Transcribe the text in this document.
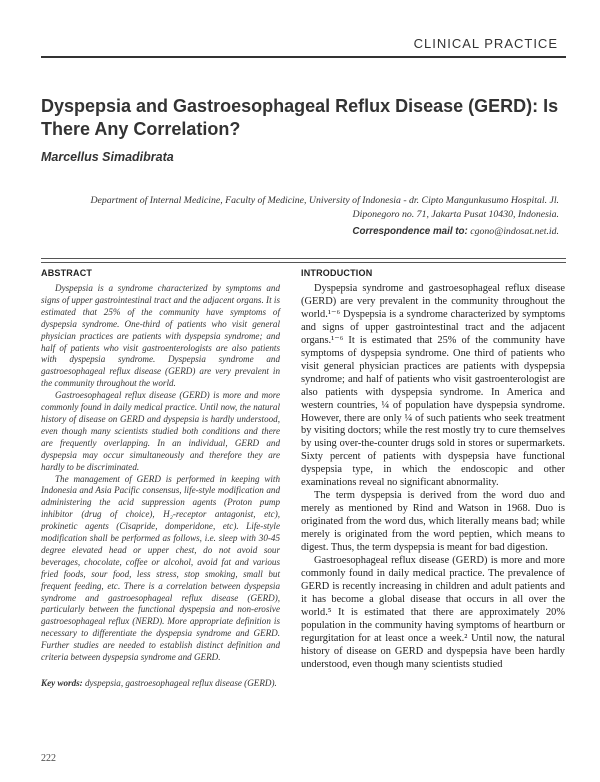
CLINICAL PRACTICE
Dyspepsia and Gastroesophageal Reflux Disease (GERD): Is There Any Correlation?
Marcellus Simadibrata
Department of Internal Medicine, Faculty of Medicine, University of Indonesia - dr. Cipto Mangunkusumo Hospital. Jl. Diponegoro no. 71, Jakarta Pusat 10430, Indonesia.
Correspondence mail to: cgono@indosat.net.id.
ABSTRACT

Dyspepsia is a syndrome characterized by symptoms and signs of upper gastrointestinal tract and the adjacent organs. It is estimated that 25% of the community have symptoms of dyspepsia syndrome. One-third of patients who visit general physician practices are patients with dyspepsia syndrome; and half of patients who visit gastroenterologists are also patients with dyspepsia syndrome. Dyspepsia syndrome and gastroesophageal reflux disease (GERD) are very prevalent in the community throughout the world.

Gastroesophageal reflux disease (GERD) is more and more commonly found in daily medical practice. Until now, the natural history of disease on GERD and dyspepsia is hardly understood, even though many scientists studied both conditions and there are frequently overlapping. In an individual, GERD and dyspepsia may occur simultaneously and therefore they are hardly to be discriminated.

The management of GERD is performed in keeping with Indonesia and Asia Pacific consensus, life-style modification and administering the acid suppression agents (Proton pump inhibitor (drug of choice), H₂-receptor antagonist, etc), prokinetic agents (Cisapride, domperidone, etc). Life-style modification shall be performed as follows, i.e. sleep with 30-45 degree elevated head or upper chest, do not avoid sour beverages, chocolate, coffee or alcohol, avoid fat and various fried foods, sour food, less stress, stop smoking, small but frequent feeding, etc. There is a correlation between dyspepsia syndrome and gastroesophageal reflux disease (GERD), particularly between the functional dyspepsia and non-erosive gastroesophageal reflux (NERD). More appropriate definition is necessary to differentiate the dyspepsia syndrome and GERD. Further studies are needed to establish distinct definition and criteria between dyspepsia syndrome and GERD.

Key words: dyspepsia, gastroesophageal reflux disease (GERD).
INTRODUCTION

Dyspepsia syndrome and gastroesophageal reflux disease (GERD) are very prevalent in the community throughout the world.¹⁻⁶ Dyspepsia is a syndrome characterized by symptoms and signs of upper gastrointestinal tract and the adjacent organs.¹⁻⁶ It is estimated that 25% of the community have symptoms of dyspepsia syndrome. One third of patients who visit general physician practices are patients with dyspepsia syndrome; and half of patients who visit gastroenterologist are also patients with dyspepsia syndrome. In America and western countries, ¼ of population have dyspepsia syndrome. However, there are only ¼ of such patients who seek treatment by visiting doctors; while the rest mostly try to cure themselves by using over-the-counter drugs sold in stores or supermarkets. Sixty percent of patients with dyspepsia have functional dyspepsia type, in which the endoscopic and other examinations reveal no significant abnormality.

The term dyspepsia is derived from the word duo and merely as mentioned by Rind and Watson in 1968. Duo is originated from the word dus, which literally means bad; while merely is originated from the word peptien, which means to digest. Thus, the term dyspepsia is meant for bad digestion.

Gastroesophageal reflux disease (GERD) is more and more commonly found in daily medical practice. The prevalence of GERD is recently increasing in children and adult patients and it has become a global disease that occurs in all over the world.⁵ It is estimated that there are approximately 20% population in the community having symptoms of heartburn or regurgitation for at least once a week.² Until now, the natural history of disease on GERD and dyspepsia have been hardly understood, even though many scientists studied

222
